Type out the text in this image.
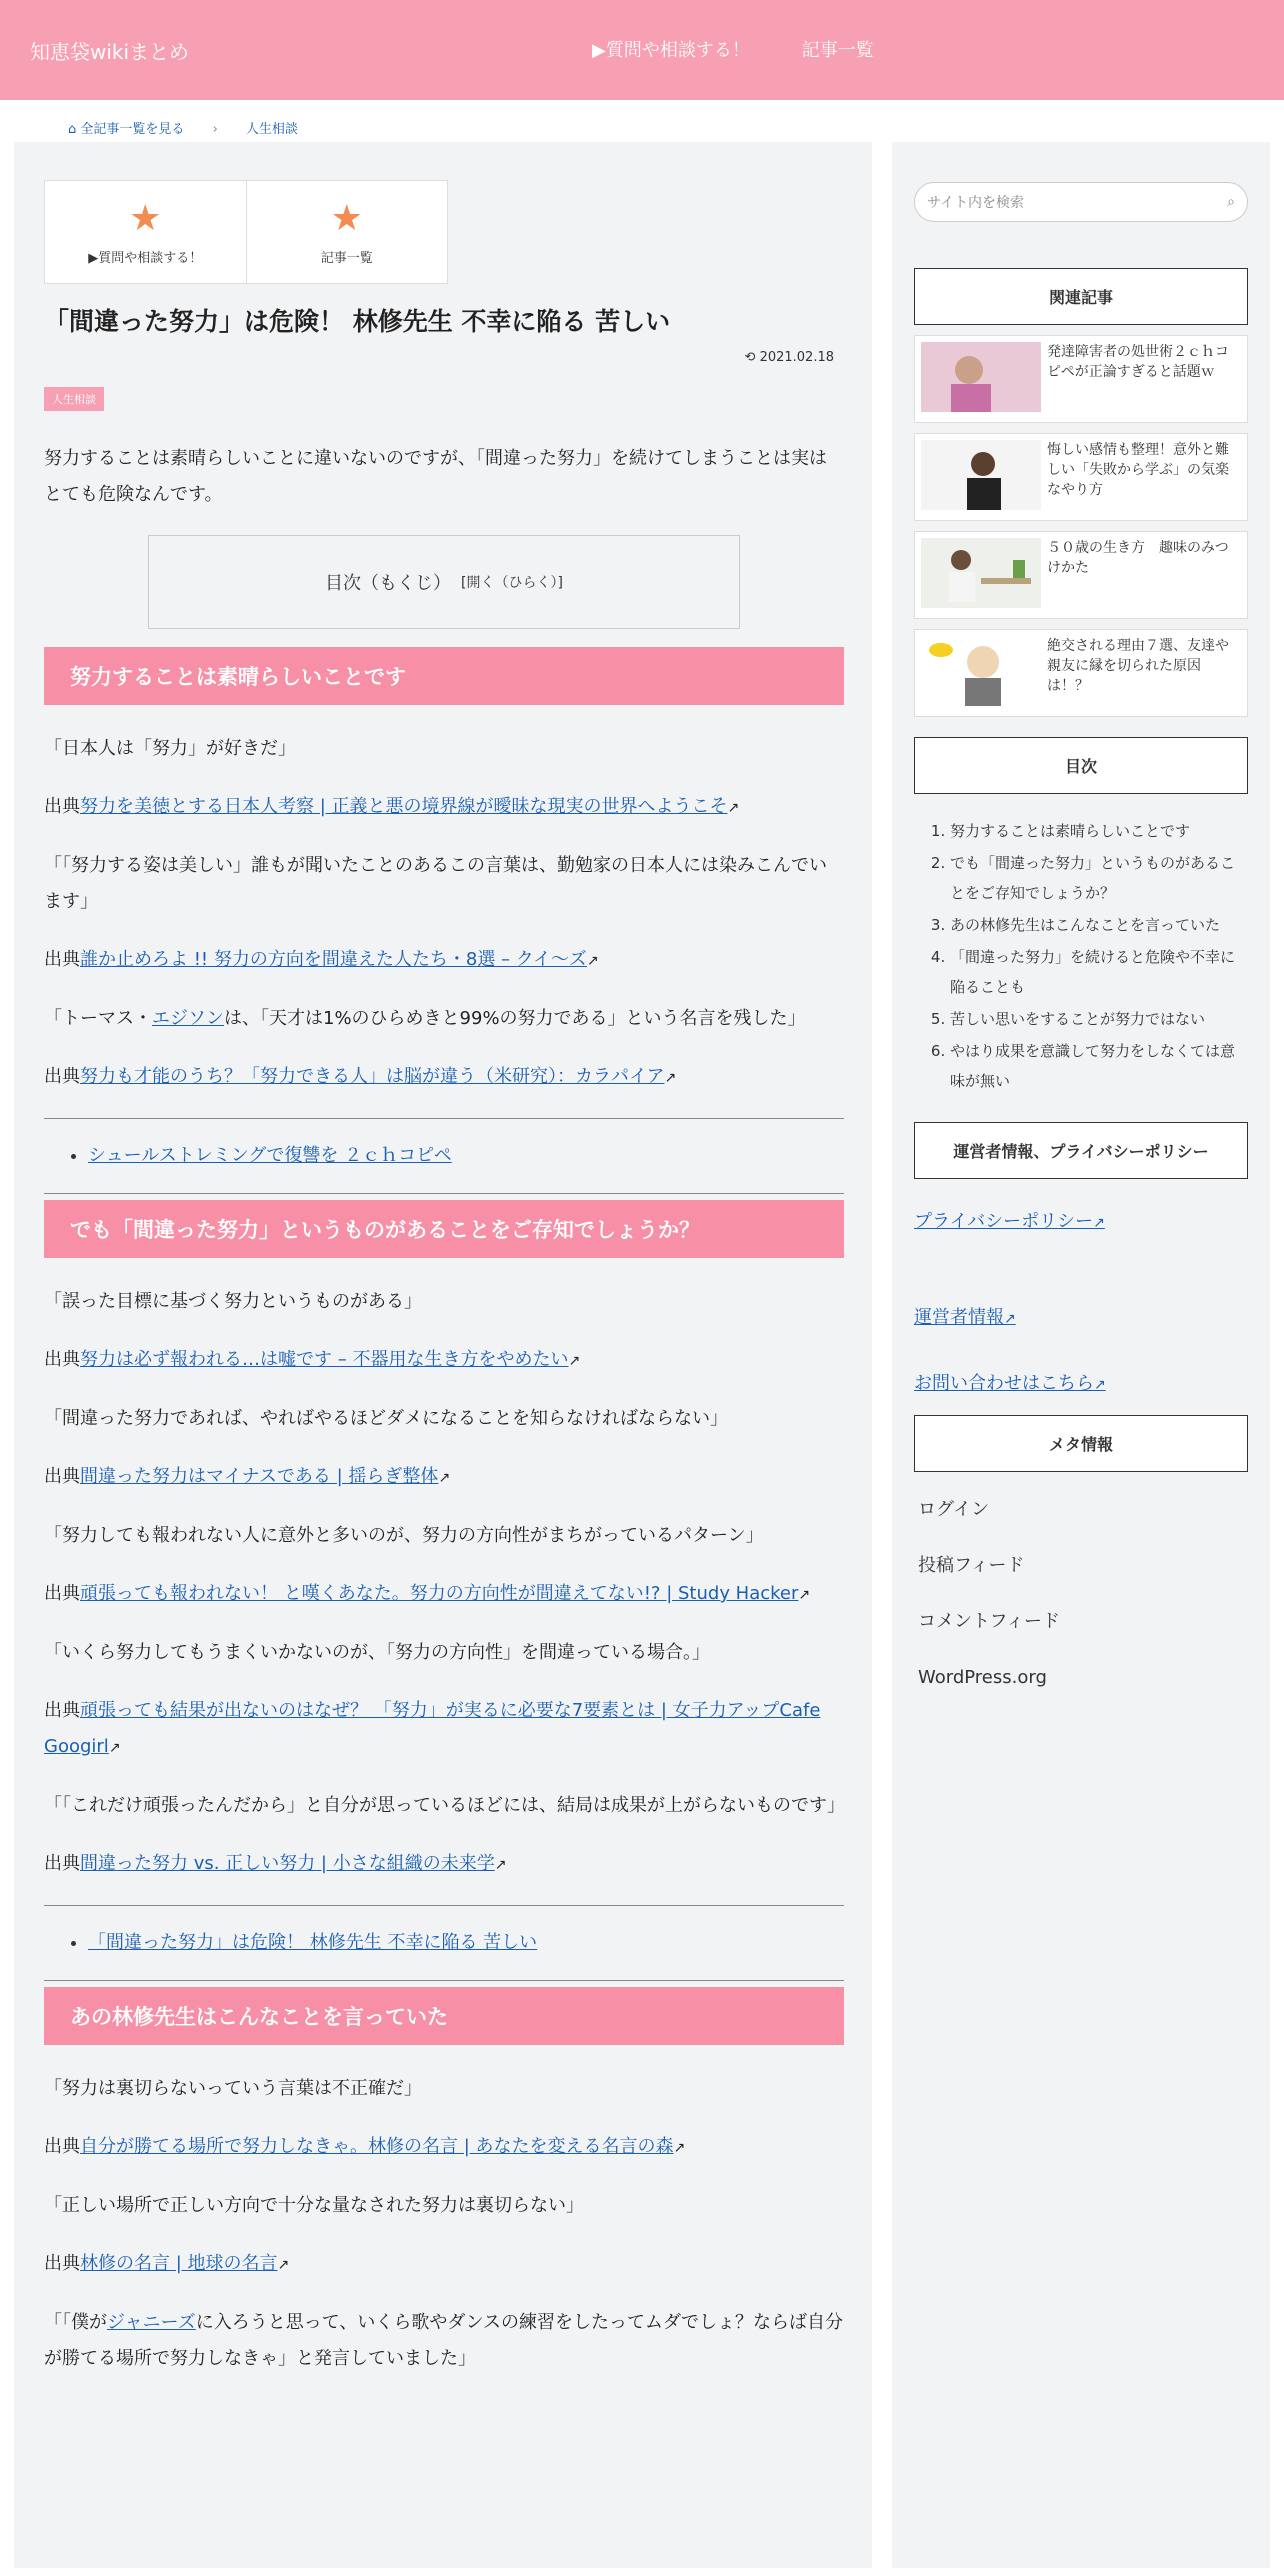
知恵袋wikiまとめ	▶質問や相談する！	記事一覧
⌂ 全記事一覧を見る › 人生相談
★
▶質問や相談する！
★
記事一覧
「間違った努力」は危険！ 林修先生 不幸に陥る 苦しい
⟲ 2021.02.18
人生相談

努力することは素晴らしいことに違いないのですが、「間違った努力」を続けてしまうことは実はとても危険なんです。

目次（もくじ） [開く（ひらく）]
努力することは素晴らしいことです

「日本人は「努力」が好きだ」

出典努力を美徳とする日本人考察 | 正義と悪の境界線が曖昧な現実の世界へようこそ↗

「「努力する姿は美しい」誰もが聞いたことのあるこの言葉は、勤勉家の日本人には染みこんでいます」

出典誰か止めろよ !! 努力の方向を間違えた人たち・8選 – クイ～ズ↗

「トーマス・エジソンは、「天才は1%のひらめきと99%の努力である」という名言を残した」

出典努力も才能のうち？「努力できる人」は脳が違う（米研究）：カラパイア↗

• シュールストレミングで復讐を ２ｃｈコピペ
でも「間違った努力」というものがあることをご存知でしょうか？

「誤った目標に基づく努力というものがある」

出典努力は必ず報われる…は嘘です – 不器用な生き方をやめたい↗

「間違った努力であれば、やればやるほどダメになることを知らなければならない」

出典間違った努力はマイナスである | 揺らぎ整体↗

「努力しても報われない人に意外と多いのが、努力の方向性がまちがっているパターン」

出典頑張っても報われない！ と嘆くあなた。努力の方向性が間違えてない!? | Study Hacker↗

「いくら努力してもうまくいかないのが、「努力の方向性」を間違っている場合。」

出典頑張っても結果が出ないのはなぜ？ 「努力」が実るに必要な7要素とは | 女子力アップCafe Googirl↗

「「これだけ頑張ったんだから」と自分が思っているほどには、結局は成果が上がらないものです」

出典間違った努力 vs. 正しい努力 | 小さな組織の未来学↗

• 「間違った努力」は危険！ 林修先生 不幸に陥る 苦しい
あの林修先生はこんなことを言っていた

「努力は裏切らないっていう言葉は不正確だ」

出典自分が勝てる場所で努力しなきゃ。林修の名言 | あなたを変える名言の森↗

「正しい場所で正しい方向で十分な量なされた努力は裏切らない」

出典林修の名言 | 地球の名言↗

「「僕がジャニーズに入ろうと思って、いくら歌やダンスの練習をしたってムダでしょ？ならば自分が勝てる場所で努力しなきゃ」と発言していました」

サイト内を検索	⌕
関連記事
発達障害者の処世術２ｃｈコピペが正論すぎると話題ｗ
悔しい感情も整理！意外と難しい「失敗から学ぶ」の気楽なやり方
５０歳の生き方　趣味のみつけかた
絶交される理由７選、友達や親友に縁を切られた原因は！？
目次
1. 努力することは素晴らしいことです
2. でも「間違った努力」というものがあることをご存知でしょうか？
3. あの林修先生はこんなことを言っていた
4. 「間違った努力」を続けると危険や不幸に陥ることも
5. 苦しい思いをすることが努力ではない
6. やはり成果を意識して努力をしなくては意味が無い
運営者情報、プライバシーポリシー
プライバシーポリシー↗
運営者情報↗
お問い合わせはこちら↗
メタ情報
ログイン
投稿フィード
コメントフィード
WordPress.org
